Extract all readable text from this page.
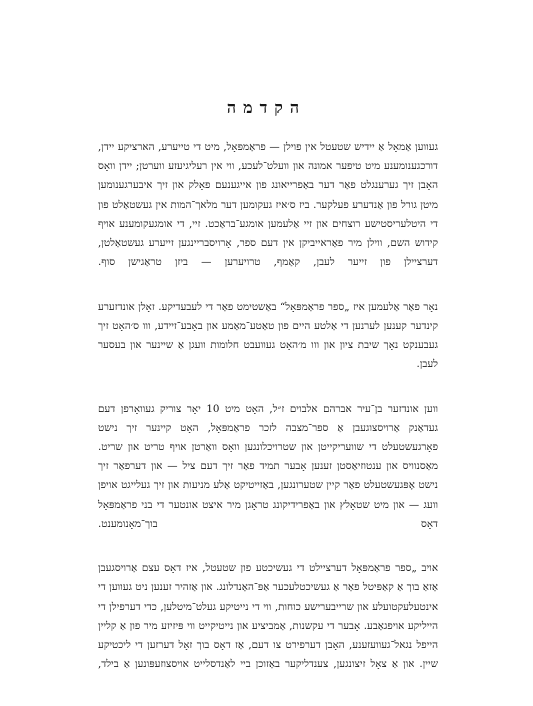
הקדמה

געווען אַמאָל אַ יידיש שטעטל אין פוילן — פראַמפּאָל, מיט די טייערע, הארציקע יידן, דורכגענומענע מיט טיפער אמונה און וועלט־לעכע, ווי אין רעליגיעזע ווערטן; יידן וואָס האָבן זיך גערענגלט פאַר דער באַפרייאונג פון אייגענעם פאָלק און זיך איבערגענומען מיטן גורל פון אַנדערע פעלקער. ביז ס׳איז געקומען דער מלאך־המות אין געשטאַלט פון די היטלעריסטישע רוצחים און זיי אַלעמען אומגע־בראַכט. זיי, די אומגעקומענע אויף קידוש השם, ווילן מיר פאַראייביקן אין דעם ספר, אָרויסבריינגען זייערע געשטאַלטן, דערציילן פון זייער לעבן, קאַמף, טרויערען — ביזן טראַגישן סוף.

נאָר פאַר אַלעמען איז „ספר פראַמפּאָל“ באַשטימט פאַר די לעבעדיקע. זאָלן אונדזערע קינדער קענען לערנען די אַלטע היים פון טאַטע־מאַמע און באָבע־זיידע, ווו ס׳האָט זיך געבענקט נאָך שיבת ציון און ווו מ׳האָט געוועבט חלומות וועגן אַ שיינער און בעסער לעבן.

ווען אונדזער בן־עיר אברהם אלבוים ז״ל, האָט מיט 10 יאָר צוריק געוואָרפן דעם געדאַנק אַרויסצוגעבן אַ ספר־מצבה לזכר פראַמפּאָל, האָט קיינער זיך נישט פאָרגעשטעלט די שוועריקייטן און שטרויכלונגען וואָס וואַרטן אויף טריט און שריט. מאַסנוויס און ענטוזיאַסטן זענען אָבער תמיד פאַר זיך דעם ציל — און דערפאַר זיך נישט אָפּגעשטעלט פאַר קיין שטערונגען, באַזייטיקט אַלע מניעות און זיך געלייגט אויפן וועג — און מיט שטאָלץ און באַפרידיקונג טראָגן מיר איצט אונטער די בני פראַמפּאָל דאָס בוך־מאָנומענט.

אויב „ספר פראַמפּאָל דערציילט די געשיכטע פון שטעטל, איז דאָס עצם אַרויסגעבן אַזאַ בוך אַ קאַפּיטל פאַר אַ געשיכטלעכער אַפּ־האַנדלונג. און אַזהיר זענען ניט געווען די אינטעלעקטועלע און שרייבערישע כוחות, ווי די נייטיקע געלט־מיטלען, כדי דערפילן די הייליקע אויפגאַבע. אָבער די עקשנות, אַמביציע און נייטיקייט ווי פּיזיזע מיר פון אַ קליין הייפל נגאל־געוועזענע, האָבן דערפירט צו דעם, אַז דאָס בוך זאָל דערזען די ליכטיקע שיין. און אַ צאָל זיצונגען, צענדליקער באַזוכן ביי לאַנדסלייט אויסצוזעפּונען אַ בילד,
